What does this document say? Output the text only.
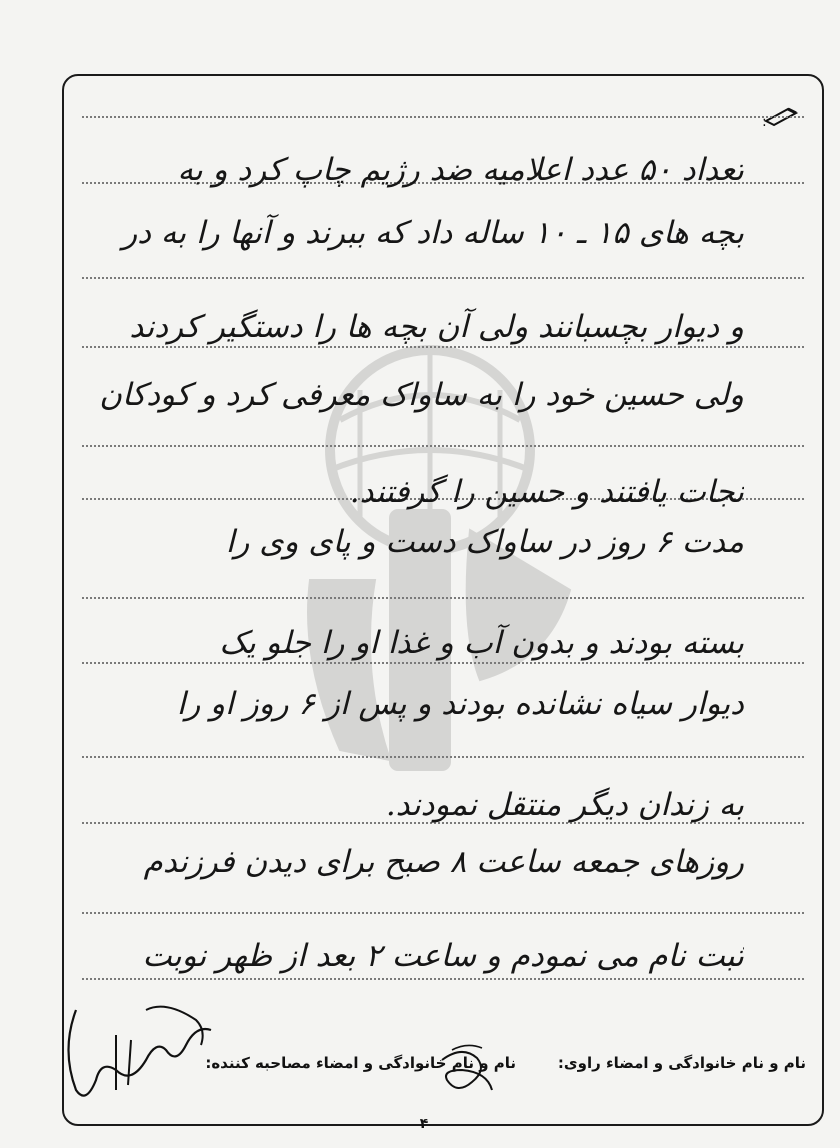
:
تعداد ۵۰ عدد اعلامیه ضد رژیم چاپ کرد و به
بچه های ۱۵ ـ ۱۰ ساله داد که ببرند و آنها را به در
و دیوار بچسبانند ولی آن بچه ها را دستگیر کردند
ولی حسین خود را به ساواک معرفی کرد و کودکان
نجات یافتند و حسین را گرفتند.
مدت ۶ روز در ساواک دست و پای وی را
بسته بودند و بدون آب و غذا او را جلو یک
دیوار سیاه نشانده بودند و پس از ۶ روز او را
به زندان دیگر منتقل نمودند.
روزهای جمعه ساعت ۸ صبح برای دیدن فرزندم
ثبت نام می نمودم و ساعت ۲ بعد از ظهر نوبت
نام و نام خانوادگی و امضاء راوی:
نام و نام خانوادگی و امضاء مصاحبه کننده:
۴
